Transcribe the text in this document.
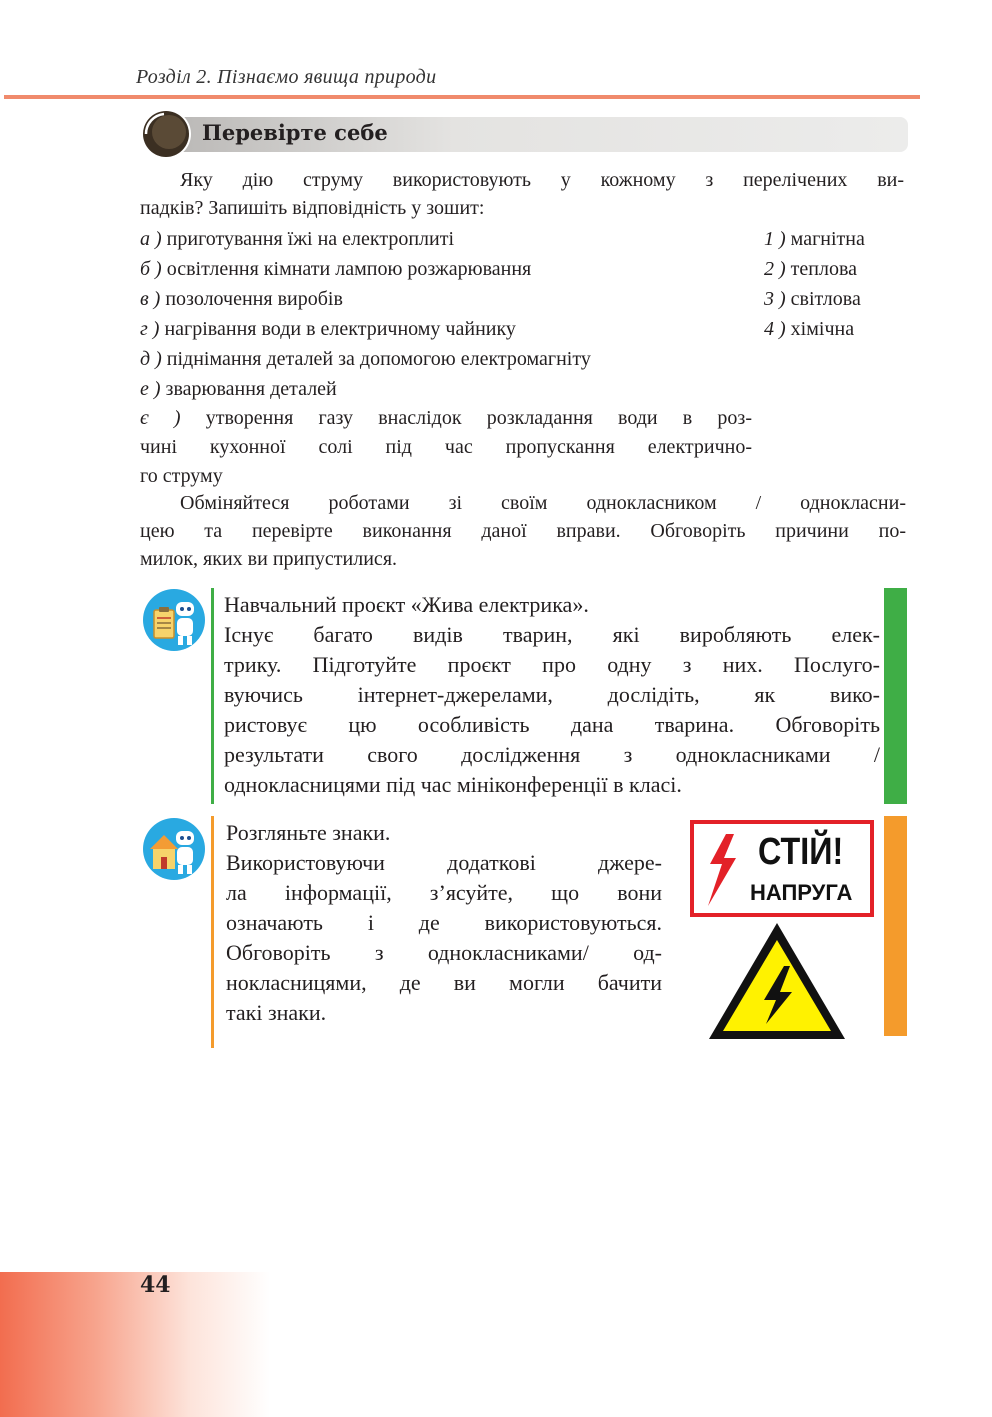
Розділ 2. Пізнаємо явища природи
Перевірте себе
Яку дію струму використовують у кожному з перелічених ви-
падків? Запишіть відповідність у зошит:
а ) приготування їжі на електроплиті
б ) освітлення кімнати лампою розжарювання
в ) позолочення виробів
г ) нагрівання води в електричному чайнику
д ) піднімання деталей за допомогою електромагніту
е ) зварювання деталей
є ) утворення газу внаслідок розкладання води в роз-
чині кухонної солі під час пропускання електрично-
го струму
1 ) магнітна
2 ) теплова
3 ) світлова
4 ) хімічна
Обміняйтеся роботами зі своїм однокласником / однокласни-
цею та перевірте виконання даної вправи. Обговоріть причини по-
милок, яких ви припустилися.
Навчальний проєкт «Жива електрика».
Існує багато видів тварин, які виробляють елек-
трику. Підготуйте проєкт про одну з них. Послуго-
вуючись інтернет-джерелами, дослідіть, як вико-
ристовує цю особливість дана тварина. Обговоріть
результати свого дослідження з однокласниками /
однокласницями під час мініконференції в класі.
Розгляньте знаки.
Використовуючи додаткові джере-
ла інформації, з’ясуйте, що вони
означають і де використовуються.
Обговоріть з однокласниками/ од-
нокласницями, де ви могли бачити
такі знаки.
СТІЙ!
НАПРУГА
44
